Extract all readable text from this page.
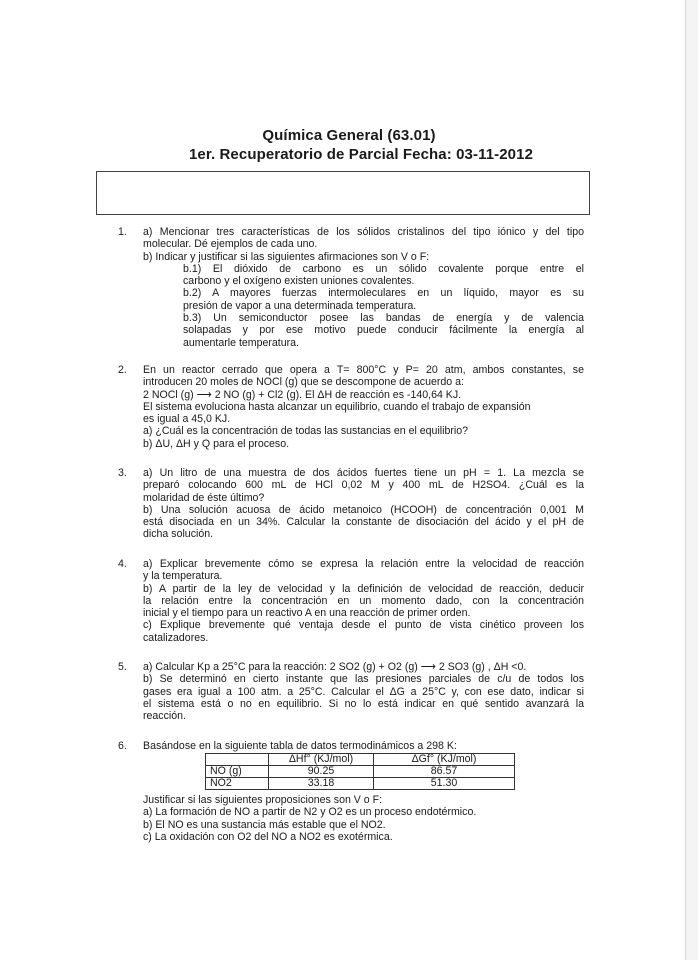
Química General (63.01)
1er. Recuperatorio de Parcial Fecha: 03-11-2012
1. a) Mencionar tres características de los sólidos cristalinos del tipo iónico y del tipo
molecular. Dé ejemplos de cada uno.
b) Indicar y justificar si las siguientes afirmaciones son V o F:
b.1) El dióxido de carbono es un sólido covalente porque entre el
carbono y el oxígeno existen uniones covalentes.
b.2) A mayores fuerzas intermoleculares en un líquido, mayor es su
presión de vapor a una determinada temperatura.
b.3) Un semiconductor posee las bandas de energía y de valencia
solapadas y por ese motivo puede conducir fácilmente la energía al
aumentarle temperatura.
2. En un reactor cerrado que opera a T= 800°C y P= 20 atm, ambos constantes, se
introducen 20 moles de NOCl (g) que se descompone de acuerdo a:
2 NOCl (g) ⟶ 2 NO (g) + Cl2 (g). El ΔH de reacción es -140,64 KJ.
El sistema evoluciona hasta alcanzar un equilibrio, cuando el trabajo de expansión
es igual a 45,0 KJ.
a) ¿Cuál es la concentración de todas las sustancias en el equilibrio?
b) ΔU, ΔH y Q para el proceso.
3. a) Un litro de una muestra de dos ácidos fuertes tiene un pH = 1. La mezcla se
preparó colocando 600 mL de HCl 0,02 M y 400 mL de H2SO4. ¿Cuál es la
molaridad de éste último?
b) Una solución acuosa de ácido metanoico (HCOOH) de concentración 0,001 M
está disociada en un 34%. Calcular la constante de disociación del ácido y el pH de
dicha solución.
4. a) Explicar brevemente cómo se expresa la relación entre la velocidad de reacción
y la temperatura.
b) A partir de la ley de velocidad y la definición de velocidad de reacción, deducir
la relación entre la concentración en un momento dado, con la concentración
inicial y el tiempo para un reactivo A en una reacción de primer orden.
c) Explique brevemente qué ventaja desde el punto de vista cinético proveen los
catalizadores.
5. a) Calcular Kp a 25°C para la reacción: 2 SO2 (g) + O2 (g) ⟶ 2 SO3 (g) , ΔH <0.
b) Se determinó en cierto instante que las presiones parciales de c/u de todos los
gases era igual a 100 atm. a 25°C. Calcular el ΔG a 25°C y, con ese dato, indicar si
el sistema está o no en equilibrio. Si no lo está indicar en qué sentido avanzará la
reacción.
6. Basándose en la siguiente tabla de datos termodinámicos a 298 K:
	ΔHf° (KJ/mol)	ΔGf° (KJ/mol)
NO (g)	90.25	86.57
NO2	33.18	51.30
Justificar si las siguientes proposiciones son V o F:
a) La formación de NO a partir de N2 y O2 es un proceso endotérmico.
b) El NO es una sustancia más estable que el NO2.
c) La oxidación con O2 del NO a NO2 es exotérmica.
